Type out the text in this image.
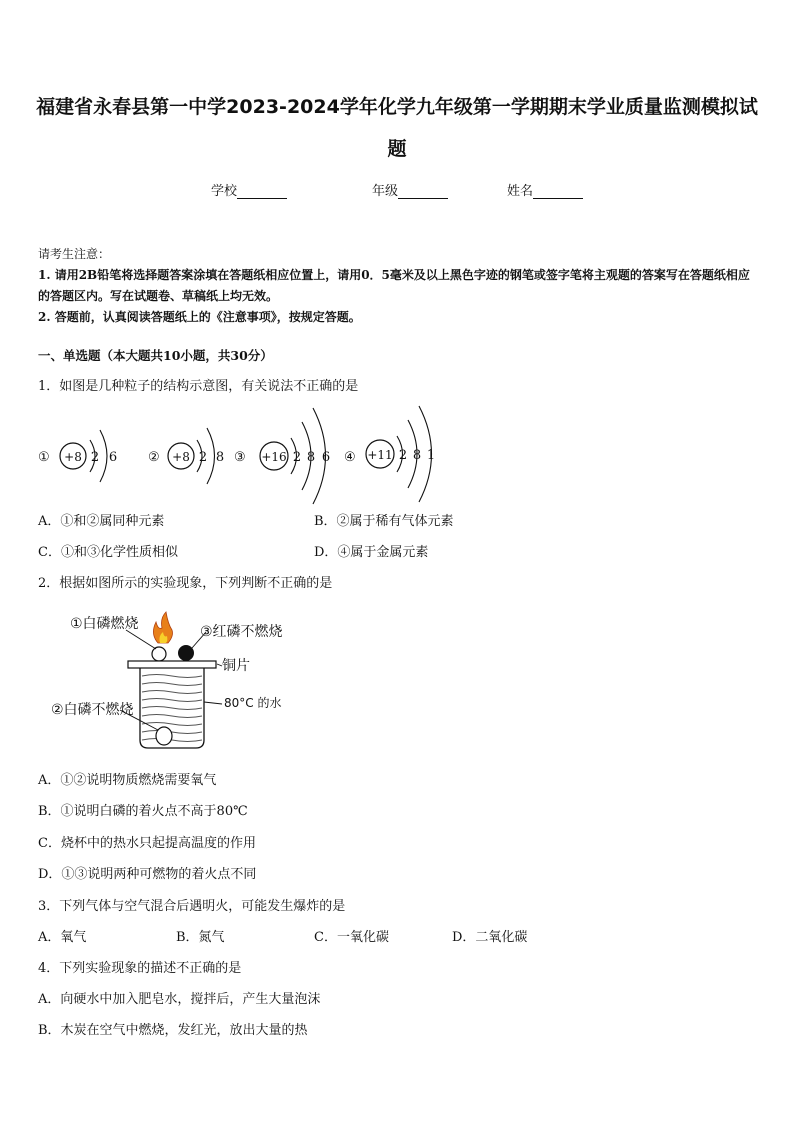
福建省永春县第一中学2023-2024学年化学九年级第一学期期末学业质量监测模拟试题
学校	年级	姓名
请考生注意：
1. 请用2B铅笔将选择题答案涂填在答题纸相应位置上，请用0．5毫米及以上黑色字迹的钢笔或签字笔将主观题的答案写在答题纸相应的答题区内。写在试题卷、草稿纸上均无效。
2. 答题前，认真阅读答题纸上的《注意事项》，按规定答题。
一、单选题（本大题共10小题，共30分）
1．如图是几种粒子的结构示意图，有关说法不正确的是
① +8 2 6 ② +8 2 8 ③ +16 2 8 6 ④ +11 2 8 1
A．①和②属同种元素	B．②属于稀有气体元素
C．①和③化学性质相似	D．④属于金属元素
2．根据如图所示的实验现象，下列判断不正确的是
①白磷燃烧	③红磷不燃烧
铜片
②白磷不燃烧	80°C 的水
A．①②说明物质燃烧需要氧气
B．①说明白磷的着火点不高于80℃
C．烧杯中的热水只起提高温度的作用
D．①③说明两种可燃物的着火点不同
3．下列气体与空气混合后遇明火，可能发生爆炸的是
A．氧气	B．氮气	C．一氧化碳	D．二氧化碳
4．下列实验现象的描述不正确的是
A．向硬水中加入肥皂水，搅拌后，产生大量泡沫
B．木炭在空气中燃烧，发红光，放出大量的热
